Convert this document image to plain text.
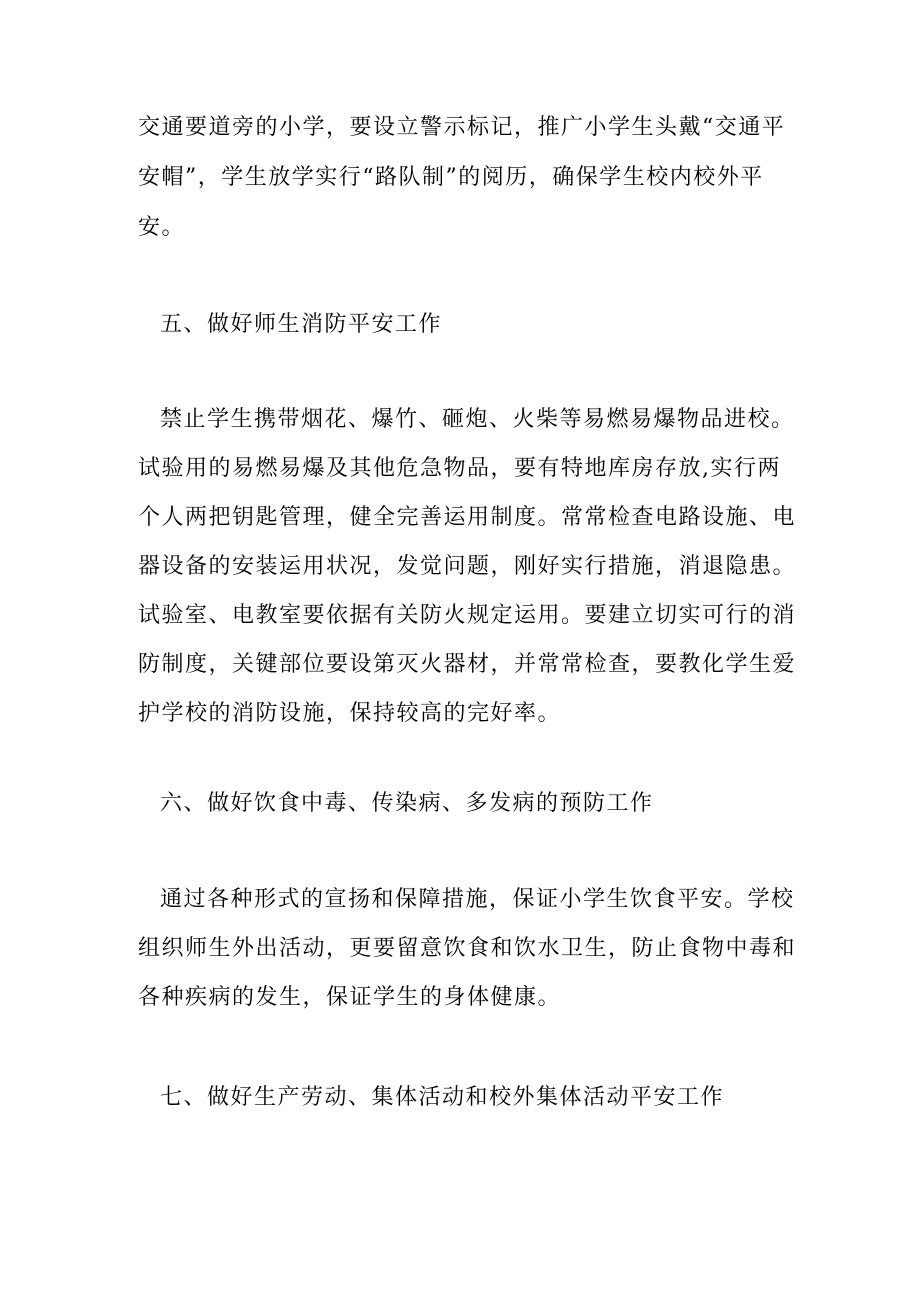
交通要道旁的小学，要设立警示标记，推广小学生头戴“交通平
安帽”，学生放学实行“路队制”的阅历，确保学生校内校外平
安。
五、做好师生消防平安工作
禁止学生携带烟花、爆竹、砸炮、火柴等易燃易爆物品进校。
试验用的易燃易爆及其他危急物品，要有特地库房存放,实行两
个人两把钥匙管理，健全完善运用制度。常常检查电路设施、电
器设备的安装运用状况，发觉问题，刚好实行措施，消退隐患。
试验室、电教室要依据有关防火规定运用。要建立切实可行的消
防制度，关键部位要设第灭火器材，并常常检查，要教化学生爱
护学校的消防设施，保持较高的完好率。
六、做好饮食中毒、传染病、多发病的预防工作
通过各种形式的宣扬和保障措施，保证小学生饮食平安。学校
组织师生外出活动，更要留意饮食和饮水卫生，防止食物中毒和
各种疾病的发生，保证学生的身体健康。
七、做好生产劳动、集体活动和校外集体活动平安工作
